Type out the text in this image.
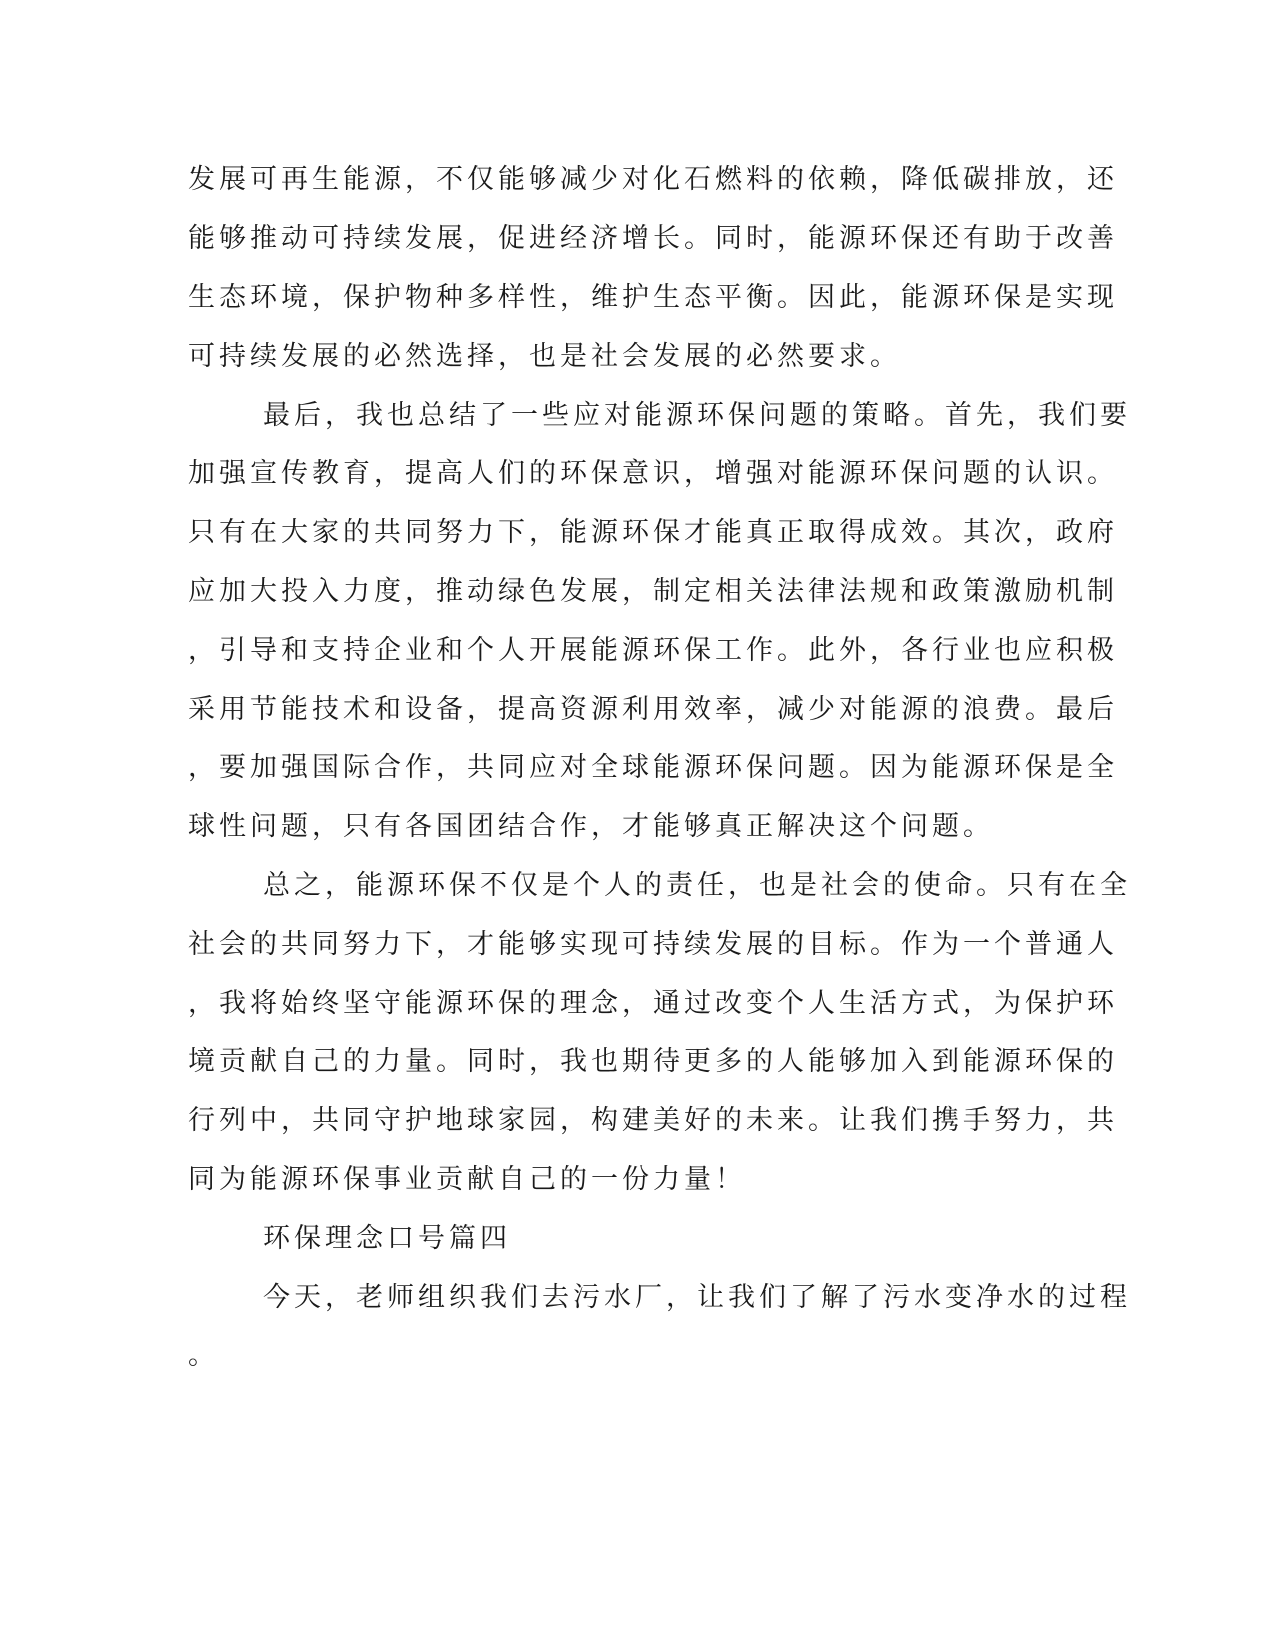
发展可再生能源，不仅能够减少对化石燃料的依赖，降低碳排放，还
能够推动可持续发展，促进经济增长。同时，能源环保还有助于改善
生态环境，保护物种多样性，维护生态平衡。因此，能源环保是实现
可持续发展的必然选择，也是社会发展的必然要求。
最后，我也总结了一些应对能源环保问题的策略。首先，我们要
加强宣传教育，提高人们的环保意识，增强对能源环保问题的认识。
只有在大家的共同努力下，能源环保才能真正取得成效。其次，政府
应加大投入力度，推动绿色发展，制定相关法律法规和政策激励机制
，引导和支持企业和个人开展能源环保工作。此外，各行业也应积极
采用节能技术和设备，提高资源利用效率，减少对能源的浪费。最后
，要加强国际合作，共同应对全球能源环保问题。因为能源环保是全
球性问题，只有各国团结合作，才能够真正解决这个问题。
总之，能源环保不仅是个人的责任，也是社会的使命。只有在全
社会的共同努力下，才能够实现可持续发展的目标。作为一个普通人
，我将始终坚守能源环保的理念，通过改变个人生活方式，为保护环
境贡献自己的力量。同时，我也期待更多的人能够加入到能源环保的
行列中，共同守护地球家园，构建美好的未来。让我们携手努力，共
同为能源环保事业贡献自己的一份力量！
环保理念口号篇四
今天，老师组织我们去污水厂，让我们了解了污水变净水的过程
。
